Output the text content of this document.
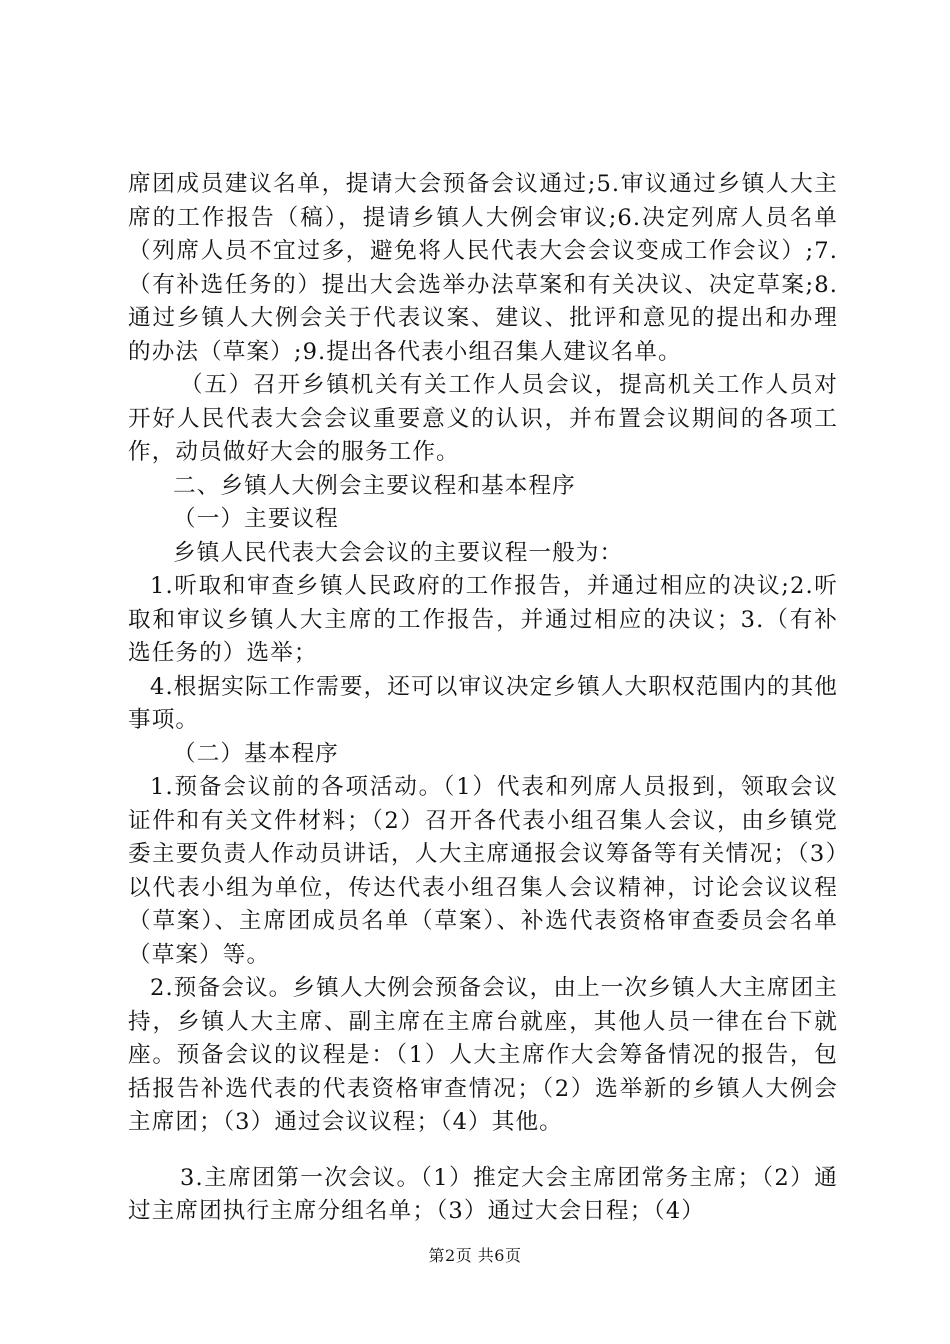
席团成员建议名单，提请大会预备会议通过;5.审议通过乡镇人大主席的工作报告（稿），提请乡镇人大例会审议;6.决定列席人员名单（列席人员不宜过多，避免将人民代表大会会议变成工作会议）;7.（有补选任务的）提出大会选举办法草案和有关决议、决定草案;8.通过乡镇人大例会关于代表议案、建议、批评和意见的提出和办理的办法（草案）;9.提出各代表小组召集人建议名单。

（五）召开乡镇机关有关工作人员会议，提高机关工作人员对开好人民代表大会会议重要意义的认识，并布置会议期间的各项工作，动员做好大会的服务工作。

二、乡镇人大例会主要议程和基本程序

（一）主要议程

乡镇人民代表大会会议的主要议程一般为：

1.听取和审查乡镇人民政府的工作报告，并通过相应的决议;2.听取和审议乡镇人大主席的工作报告，并通过相应的决议；3.（有补选任务的）选举；

4.根据实际工作需要，还可以审议决定乡镇人大职权范围内的其他事项。

（二）基本程序

1.预备会议前的各项活动。（1）代表和列席人员报到，领取会议证件和有关文件材料；（2）召开各代表小组召集人会议，由乡镇党委主要负责人作动员讲话，人大主席通报会议筹备等有关情况；（3）以代表小组为单位，传达代表小组召集人会议精神，讨论会议议程（草案）、主席团成员名单（草案）、补选代表资格审查委员会名单（草案）等。

2.预备会议。乡镇人大例会预备会议，由上一次乡镇人大主席团主持，乡镇人大主席、副主席在主席台就座，其他人员一律在台下就座。预备会议的议程是：（1）人大主席作大会筹备情况的报告，包括报告补选代表的代表资格审查情况；（2）选举新的乡镇人大例会主席团；（3）通过会议议程；（4）其他。

3.主席团第一次会议。（1）推定大会主席团常务主席；（2）通过主席团执行主席分组名单；（3）通过大会日程；（4）

第2页 共6页
